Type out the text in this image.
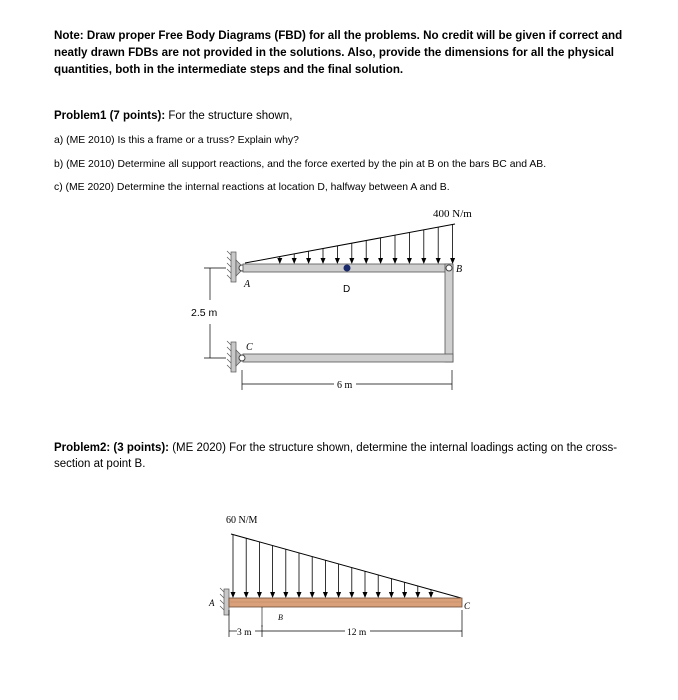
Note: Draw proper Free Body Diagrams (FBD) for all the problems. No credit will be given if correct and neatly drawn FDBs are not provided in the solutions. Also, provide the dimensions for all the physical quantities, both in the intermediate steps and the final solution.
Problem1 (7 points): For the structure shown,
a) (ME 2010) Is this a frame or a truss? Explain why?
b) (ME 2010) Determine all support reactions, and the force exerted by the pin at B on the bars BC and AB.
c) (ME 2020) Determine the internal reactions at location D, halfway between A and B.
400 N/m
A
B
C
D
2.5 m
6 m
Problem2: (3 points): (ME 2020) For the structure shown, determine the internal loadings acting on the cross-section at point B.
60 N/M
A
B
C
3 m	12 m
